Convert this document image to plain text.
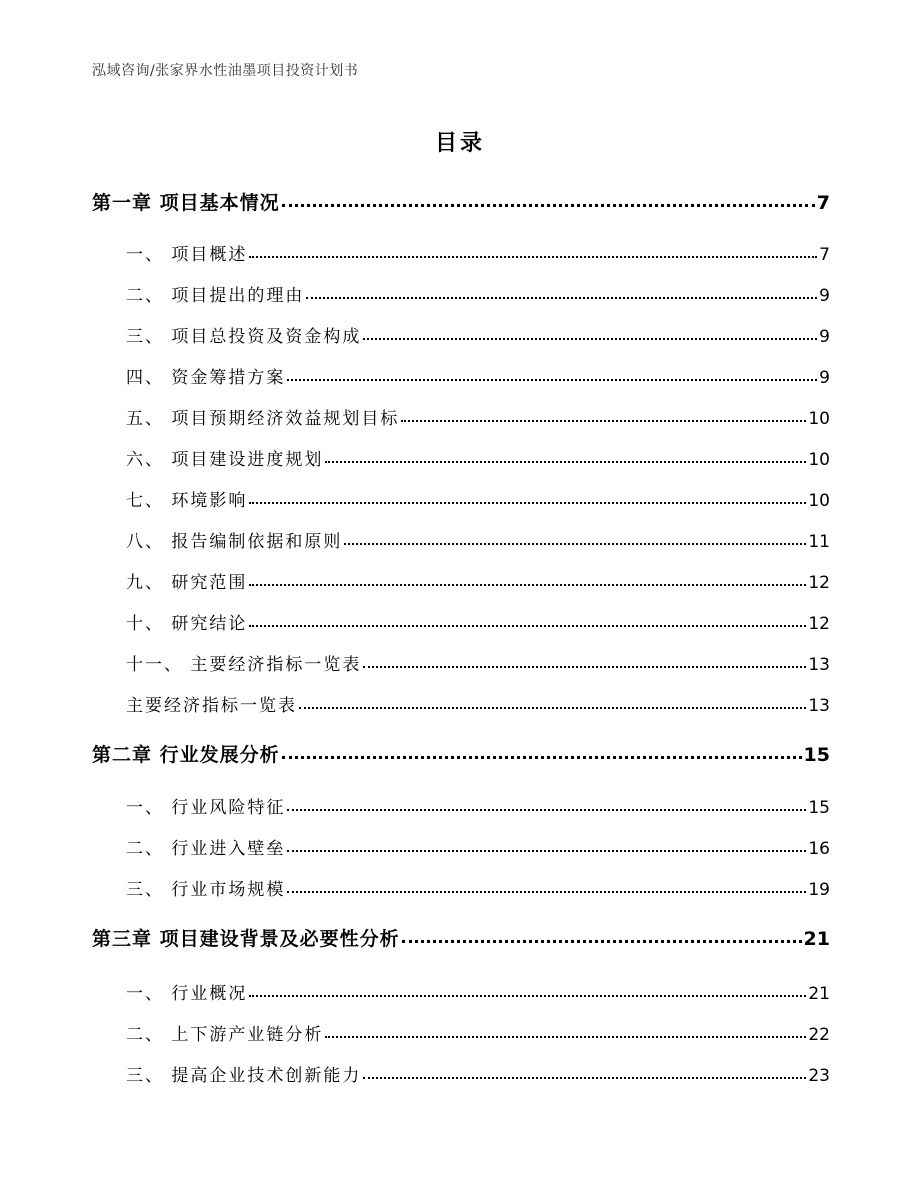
泓域咨询/张家界水性油墨项目投资计划书
目录
第一章 项目基本情况	7
一、 项目概述	7
二、 项目提出的理由	9
三、 项目总投资及资金构成	9
四、 资金筹措方案	9
五、 项目预期经济效益规划目标	10
六、 项目建设进度规划	10
七、 环境影响	10
八、 报告编制依据和原则	11
九、 研究范围	12
十、 研究结论	12
十一、 主要经济指标一览表	13
主要经济指标一览表	13
第二章 行业发展分析	15
一、 行业风险特征	15
二、 行业进入壁垒	16
三、 行业市场规模	19
第三章 项目建设背景及必要性分析	21
一、 行业概况	21
二、 上下游产业链分析	22
三、 提高企业技术创新能力	23
